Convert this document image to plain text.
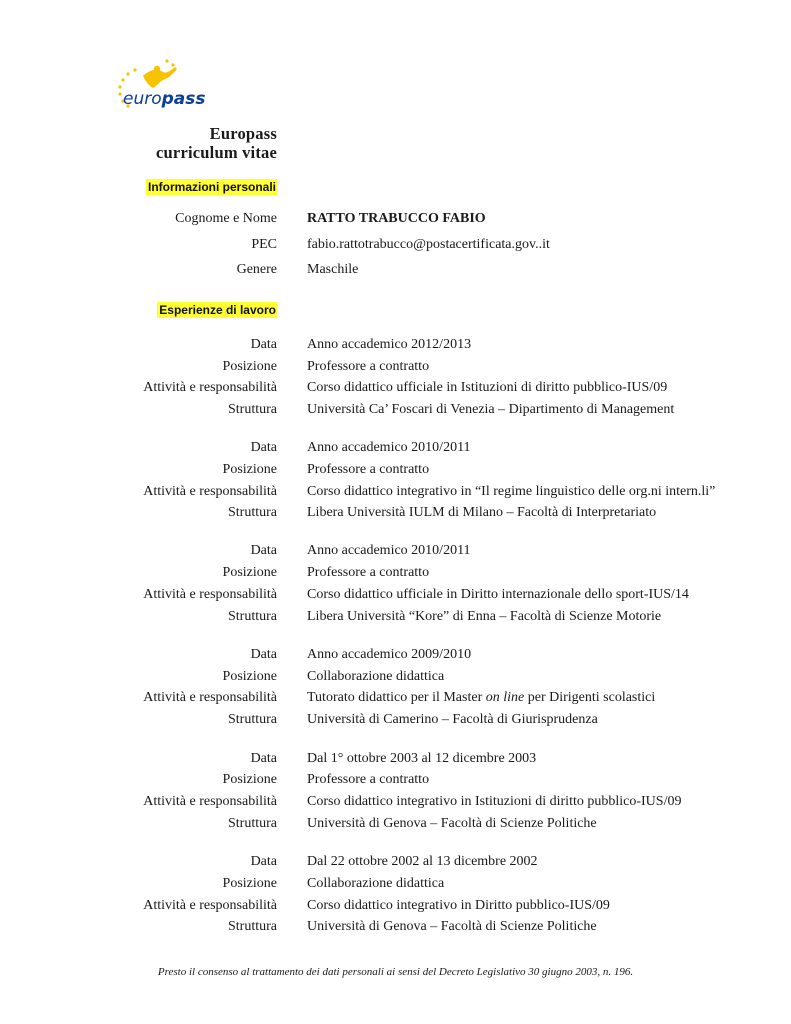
europass
Europass
curriculum vitae
Informazioni personali
Cognome e Nome RATTO TRABUCCO FABIO
PEC fabio.rattotrabucco@postacertificata.gov..it
Genere Maschile
Esperienze di lavoro
Data Anno accademico 2012/2013
Posizione Professore a contratto
Attività e responsabilità Corso didattico ufficiale in Istituzioni di diritto pubblico-IUS/09
Struttura Università Ca’ Foscari di Venezia – Dipartimento di Management
Data Anno accademico 2010/2011
Posizione Professore a contratto
Attività e responsabilità Corso didattico integrativo in “Il regime linguistico delle org.ni intern.li”
Struttura Libera Università IULM di Milano – Facoltà di Interpretariato
Data Anno accademico 2010/2011
Posizione Professore a contratto
Attività e responsabilità Corso didattico ufficiale in Diritto internazionale dello sport-IUS/14
Struttura Libera Università “Kore” di Enna – Facoltà di Scienze Motorie
Data Anno accademico 2009/2010
Posizione Collaborazione didattica
Attività e responsabilità Tutorato didattico per il Master on line per Dirigenti scolastici
Struttura Università di Camerino – Facoltà di Giurisprudenza
Data Dal 1° ottobre 2003 al 12 dicembre 2003
Posizione Professore a contratto
Attività e responsabilità Corso didattico integrativo in Istituzioni di diritto pubblico-IUS/09
Struttura Università di Genova – Facoltà di Scienze Politiche
Data Dal 22 ottobre 2002 al 13 dicembre 2002
Posizione Collaborazione didattica
Attività e responsabilità Corso didattico integrativo in Diritto pubblico-IUS/09
Struttura Università di Genova – Facoltà di Scienze Politiche
Presto il consenso al trattamento dei dati personali ai sensi del Decreto Legislativo 30 giugno 2003, n. 196.
